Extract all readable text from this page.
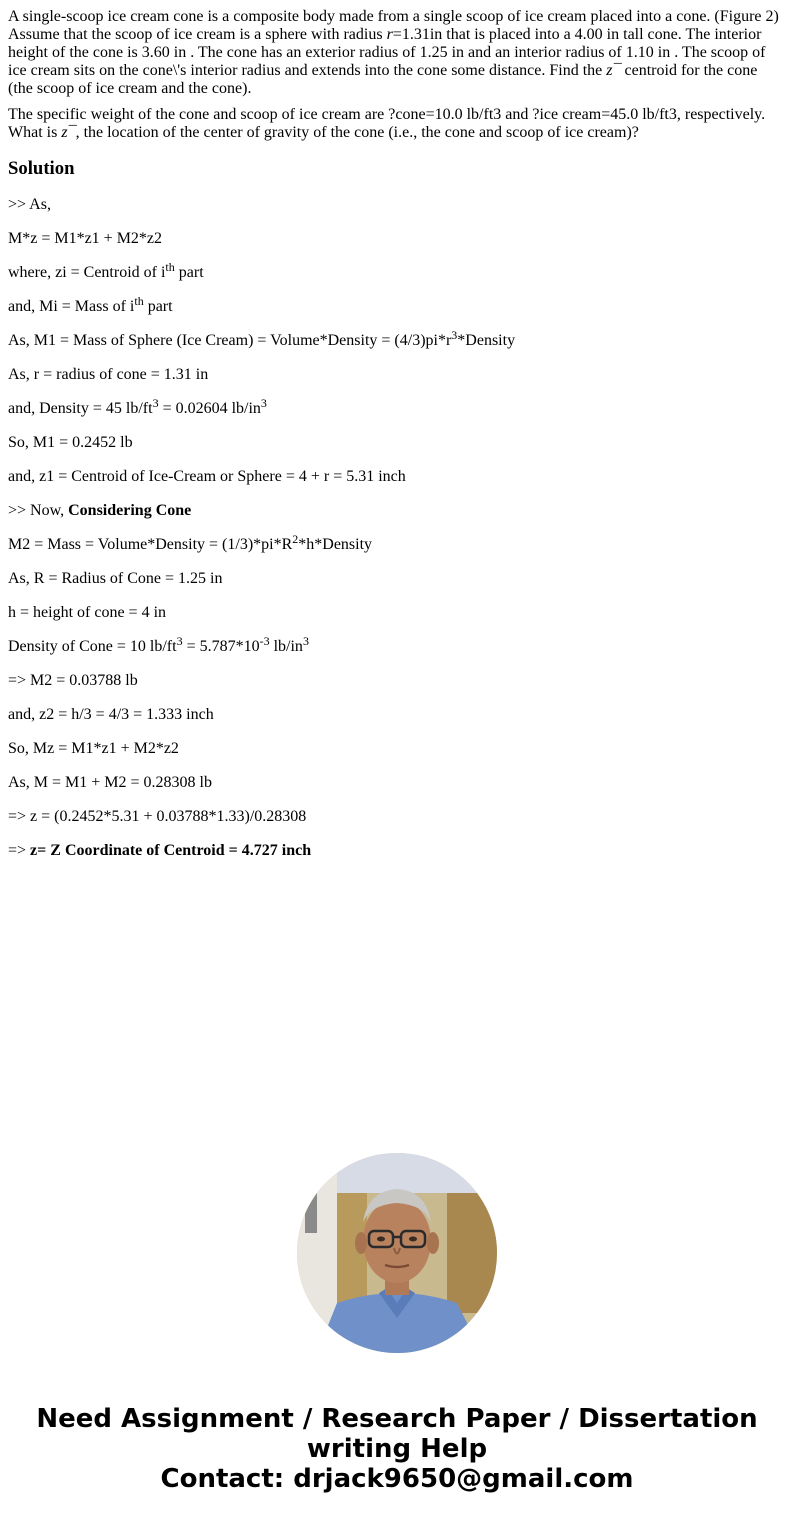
A single-scoop ice cream cone is a composite body made from a single scoop of ice cream placed into a cone. (Figure 2) Assume that the scoop of ice cream is a sphere with radius r=1.31in that is placed into a 4.00 in tall cone. The interior height of the cone is 3.60 in . The cone has an exterior radius of 1.25 in and an interior radius of 1.10 in . The scoop of ice cream sits on the cone\'s interior radius and extends into the cone some distance. Find the z¯ centroid for the cone (the scoop of ice cream and the cone).

The specific weight of the cone and scoop of ice cream are ?cone=10.0 lb/ft3 and ?ice cream=45.0 lb/ft3, respectively. What is z¯, the location of the center of gravity of the cone (i.e., the cone and scoop of ice cream)?

Solution

>> As,

M*z = M1*z1 + M2*z2

where, zi = Centroid of $i^{th}$ part

and, Mi = Mass of $i^{th}$ part

As, M1 = Mass of Sphere (Ice Cream) = Volume*Density = $(4/3)pi*r^3*Density$

As, r = radius of cone = 1.31 in

and, Density = 45 $lb/ft^3 = 0.02604$ $lb/in^3$

So, M1 = 0.2452 lb

and, z1 = Centroid of Ice-Cream or Sphere = 4 + r = 5.31 inch

>> Now, Considering Cone

M2 = Mass = Volume*Density = $(1/3)*pi*R^2*h*Density$

As, R = Radius of Cone = 1.25 in

h = height of cone = 4 in

Density of Cone = 10 $lb/ft^3 = 5.787*10^{-3}$ $lb/in^3$

=> M2 = 0.03788 lb

and, z2 = h/3 = 4/3 = 1.333 inch

So, Mz = M1*z1 + M2*z2

As, M = M1 + M2 = 0.28308 lb

=> z = (0.2452*5.31 + 0.03788*1.33)/0.28308

=> z= Z Coordinate of Centroid = 4.727 inch

Need Assignment / Research Paper / Dissertation
writing Help
Contact: drjack9650@gmail.com
